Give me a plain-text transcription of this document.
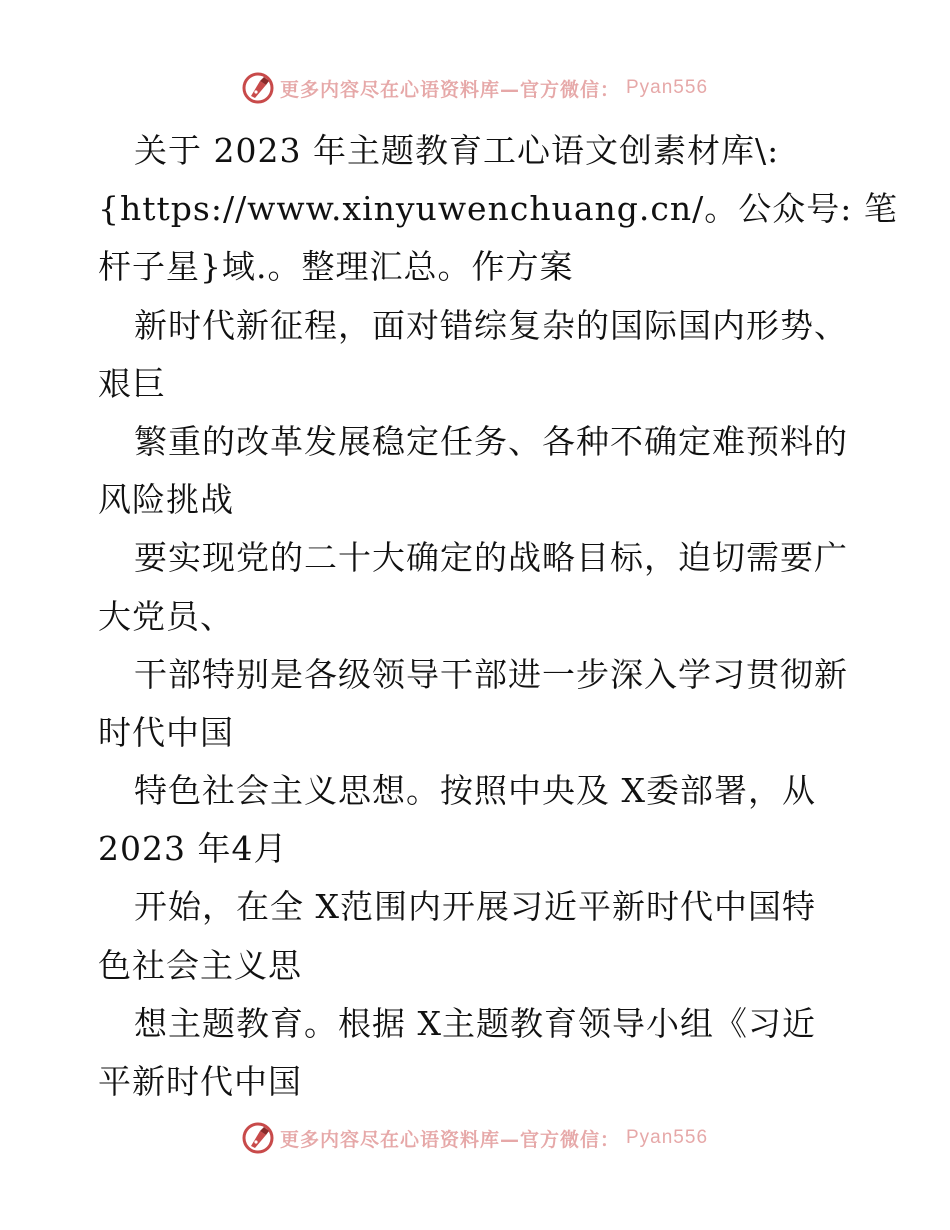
更多内容尽在心语资料库—官方微信： Pyan556
关于 2023 年主题教育工心语文创素材库\:
{https://www.xinyuwenchuang.cn/。公众号: 笔
杆子星}域.。整理汇总。作方案
新时代新征程，面对错综复杂的国际国内形势、
艰巨
繁重的改革发展稳定任务、各种不确定难预料的
风险挑战
要实现党的二十大确定的战略目标，迫切需要广
大党员、
干部特别是各级领导干部进一步深入学习贯彻新
时代中国
特色社会主义思想。按照中央及 X委部署，从
2023 年4月
开始，在全 X范围内开展习近平新时代中国特
色社会主义思
想主题教育。根据 X主题教育领导小组《习近
平新时代中国
更多内容尽在心语资料库—官方微信： Pyan556
